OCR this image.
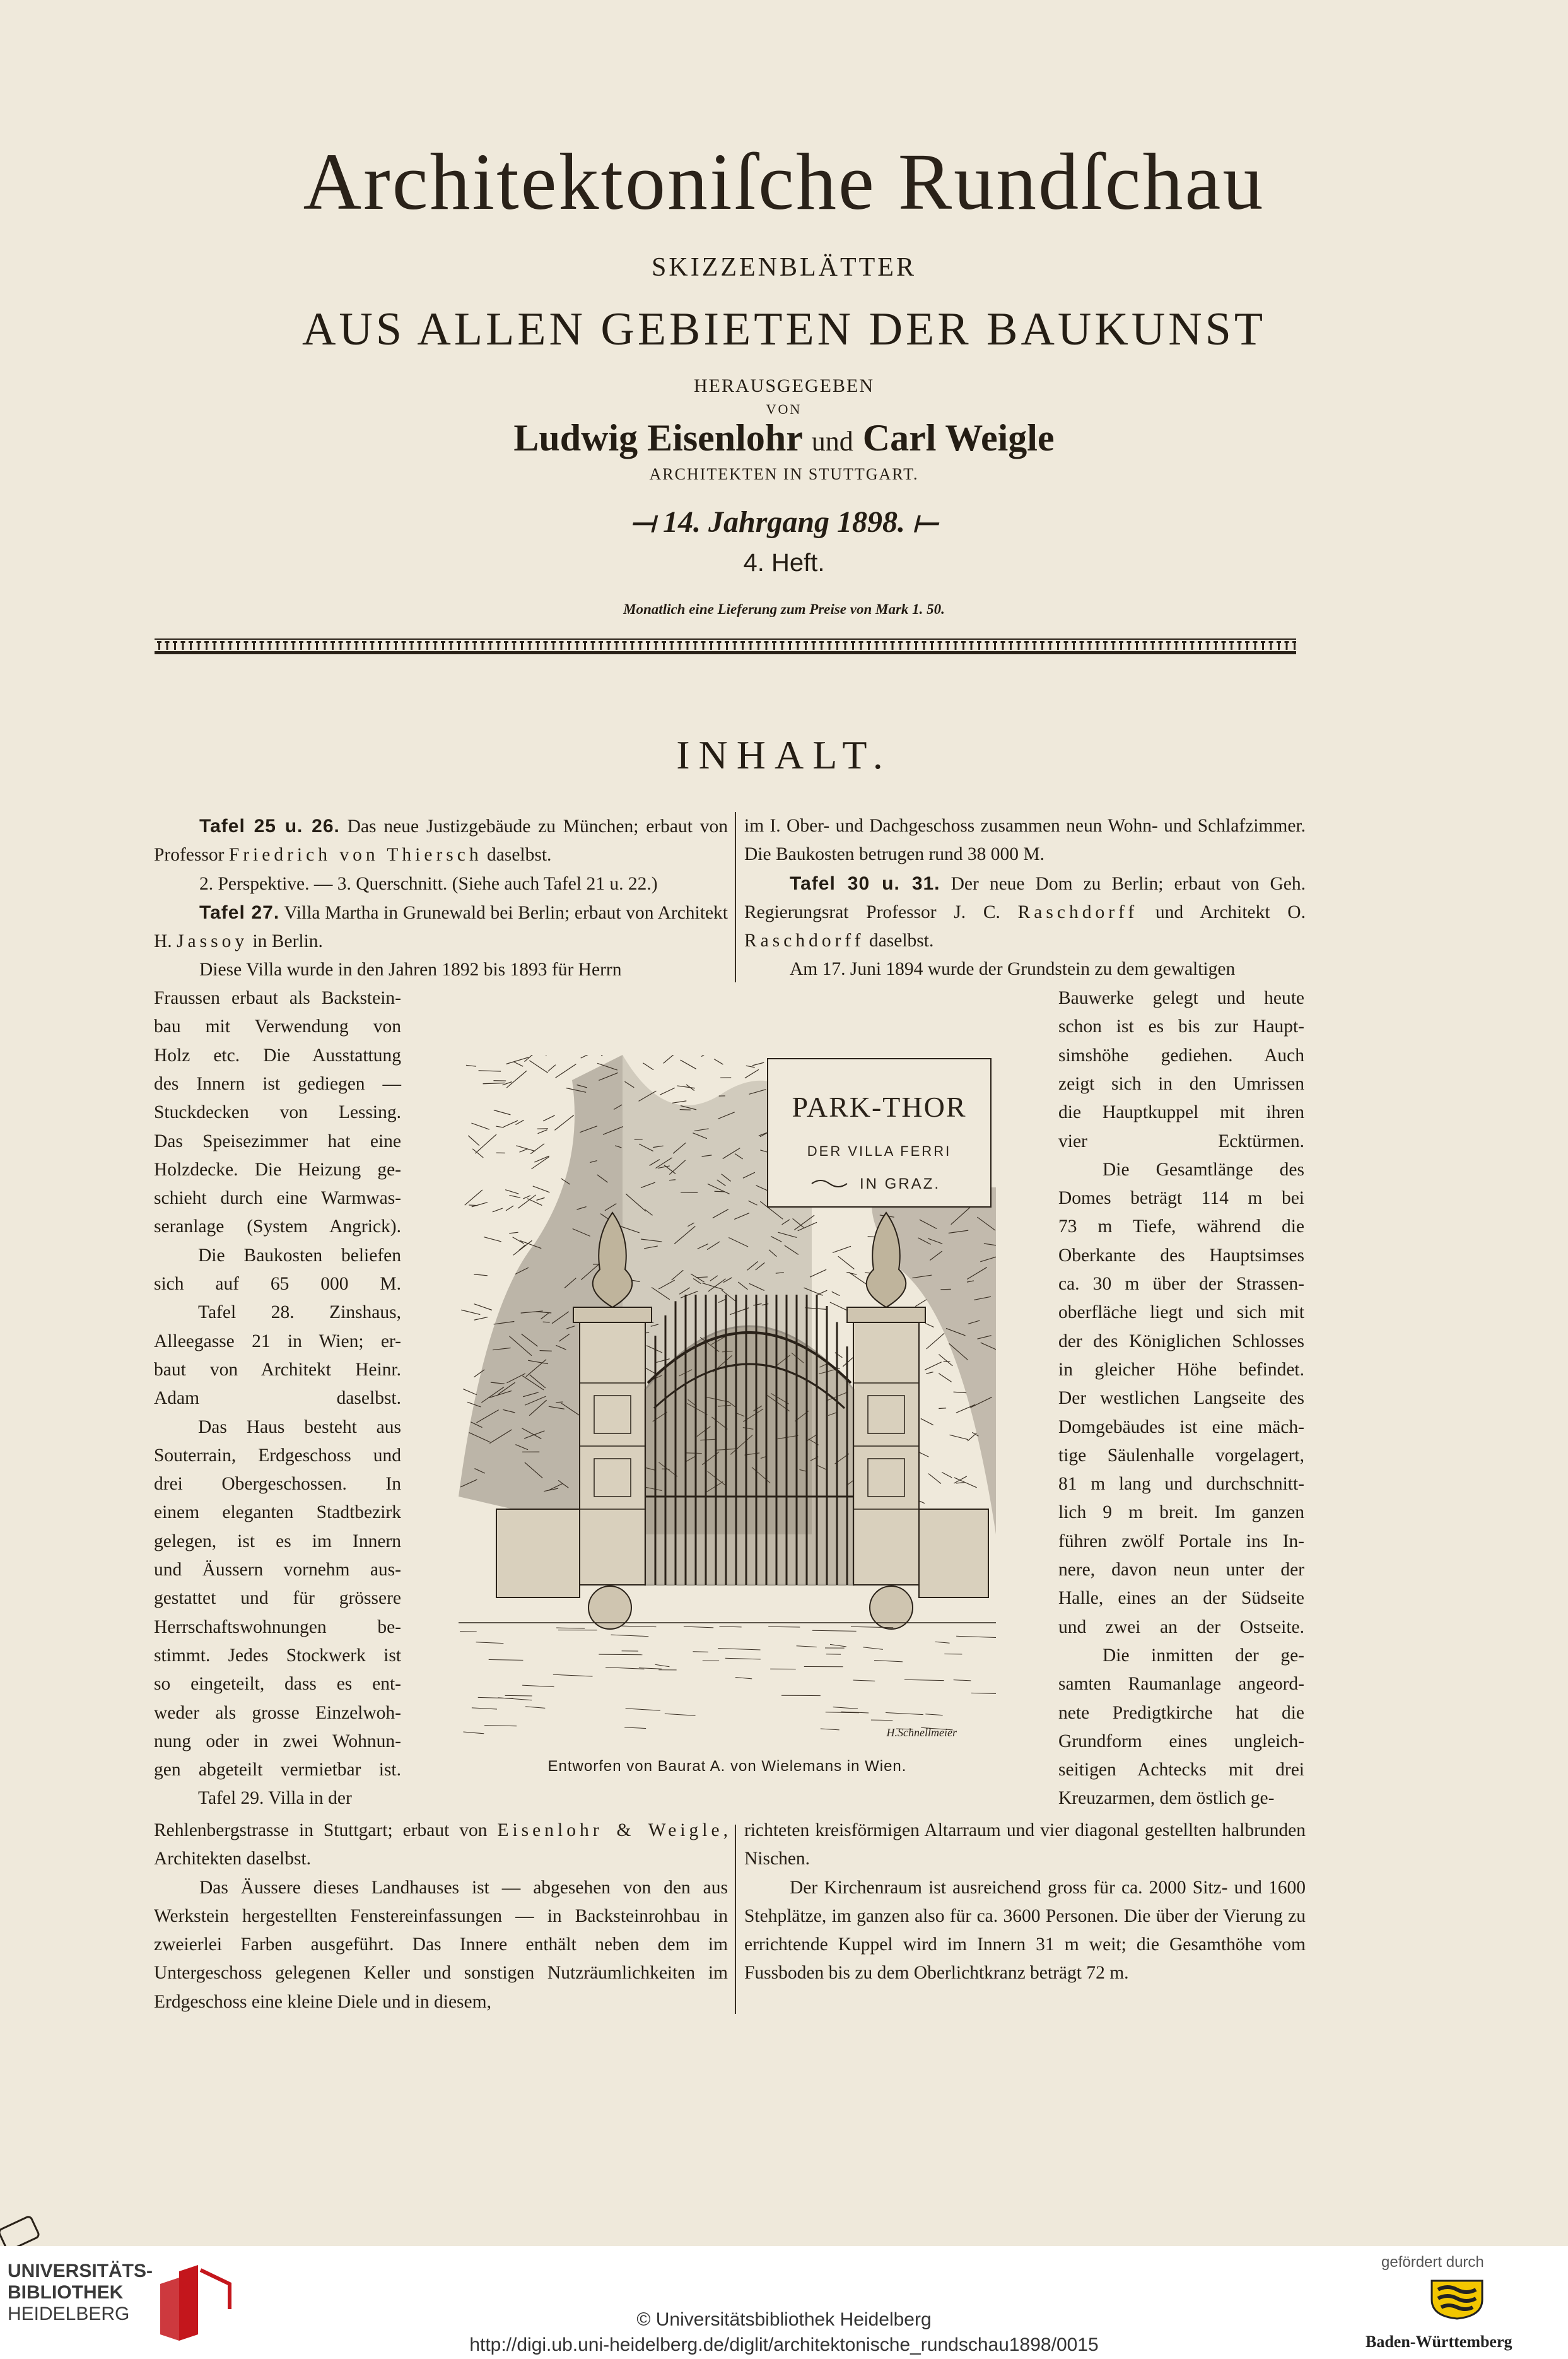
Architektoniſche Rundſchau
SKIZZENBLÄTTER
AUS ALLEN GEBIETEN DER BAUKUNST
HERAUSGEGEBEN
VON
Ludwig Eisenlohr und Carl Weigle
ARCHITEKTEN IN STUTTGART.
⟞ 14. Jahrgang 1898. ⟝
4. Heft.
Monatlich eine Lieferung zum Preise von Mark 1. 50.
INHALT.

Tafel 25 u. 26. Das neue Justizgebäude zu München; erbaut von Professor Friedrich von Thiersch daselbst.

2. Perspektive. — 3. Querschnitt. (Siehe auch Tafel 21 u. 22.)

Tafel 27. Villa Martha in Grunewald bei Berlin; erbaut von Architekt H. Jassoy in Berlin.

Diese Villa wurde in den Jahren 1892 bis 1893 für Herrn

im I. Ober- und Dachgeschoss zusammen neun Wohn- und Schlafzimmer. Die Baukosten betrugen rund 38 000 M.

Tafel 30 u. 31. Der neue Dom zu Berlin; erbaut von Geh. Regierungsrat Professor J. C. Raschdorff und Architekt O. Raschdorff daselbst.

Am 17. Juni 1894 wurde der Grundstein zu dem gewaltigen

Fraussen erbaut als Backstein-
bau mit Verwendung von
Holz etc. Die Ausstattung
des Innern ist gediegen —
Stuckdecken von Lessing.
Das Speisezimmer hat eine
Holzdecke. Die Heizung ge-
schieht durch eine Warmwas-
seranlage (System Angrick).
Die Baukosten beliefen
sich auf 65 000 M.
Tafel 28. Zinshaus,
Alleegasse 21 in Wien; er-
baut von Architekt Heinr.
Adam daselbst.
Das Haus besteht aus
Souterrain, Erdgeschoss und
drei Obergeschossen. In
einem eleganten Stadtbezirk
gelegen, ist es im Innern
und Äussern vornehm aus-
gestattet und für grössere
Herrschaftswohnungen be-
stimmt. Jedes Stockwerk ist
so eingeteilt, dass es ent-
weder als grosse Einzelwoh-
nung oder in zwei Wohnun-
gen abgeteilt vermietbar ist.
Tafel 29. Villa in der
Bauwerke gelegt und heute
schon ist es bis zur Haupt-
simshöhe gediehen. Auch
zeigt sich in den Umrissen
die Hauptkuppel mit ihren
vier Ecktürmen.
Die Gesamtlänge des
Domes beträgt 114 m bei
73 m Tiefe, während die
Oberkante des Hauptsimses
ca. 30 m über der Strassen-
oberfläche liegt und sich mit
der des Königlichen Schlosses
in gleicher Höhe befindet.
Der westlichen Langseite des
Domgebäudes ist eine mäch-
tige Säulenhalle vorgelagert,
81 m lang und durchschnitt-
lich 9 m breit. Im ganzen
führen zwölf Portale ins In-
nere, davon neun unter der
Halle, eines an der Südseite
und zwei an der Ostseite.
Die inmitten der ge-
samten Raumanlage angeord-
nete Predigtkirche hat die
Grundform eines ungleich-
seitigen Achtecks mit drei
Kreuzarmen, dem östlich ge-
PARK-THOR
DER VILLA FERRI
IN GRAZ.
H.Schnellmeier
Entworfen von Baurat A. von Wielemans in Wien.

Rehlenbergstrasse in Stuttgart; erbaut von Eisenlohr & Weigle, Architekten daselbst.

Das Äussere dieses Landhauses ist — abgesehen von den aus Werkstein hergestellten Fenstereinfassungen — in Backsteinrohbau in zweierlei Farben ausgeführt. Das Innere enthält neben dem im Untergeschoss gelegenen Keller und sonstigen Nutzräumlichkeiten im Erdgeschoss eine kleine Diele und in diesem,

richteten kreisförmigen Altarraum und vier diagonal gestellten halbrunden Nischen.

Der Kirchenraum ist ausreichend gross für ca. 2000 Sitz- und 1600 Stehplätze, im ganzen also für ca. 3600 Personen. Die über der Vierung zu errichtende Kuppel wird im Innern 31 m weit; die Gesamthöhe vom Fussboden bis zu dem Oberlichtkranz beträgt 72 m.

UNIVERSITÄTS-
BIBLIOTHEK
HEIDELBERG	© Universitätsbibliothek Heidelberg
http://digi.ub.uni-heidelberg.de/diglit/architektonische_rundschau1898/0015
gefördert durch
Baden-Württemberg
